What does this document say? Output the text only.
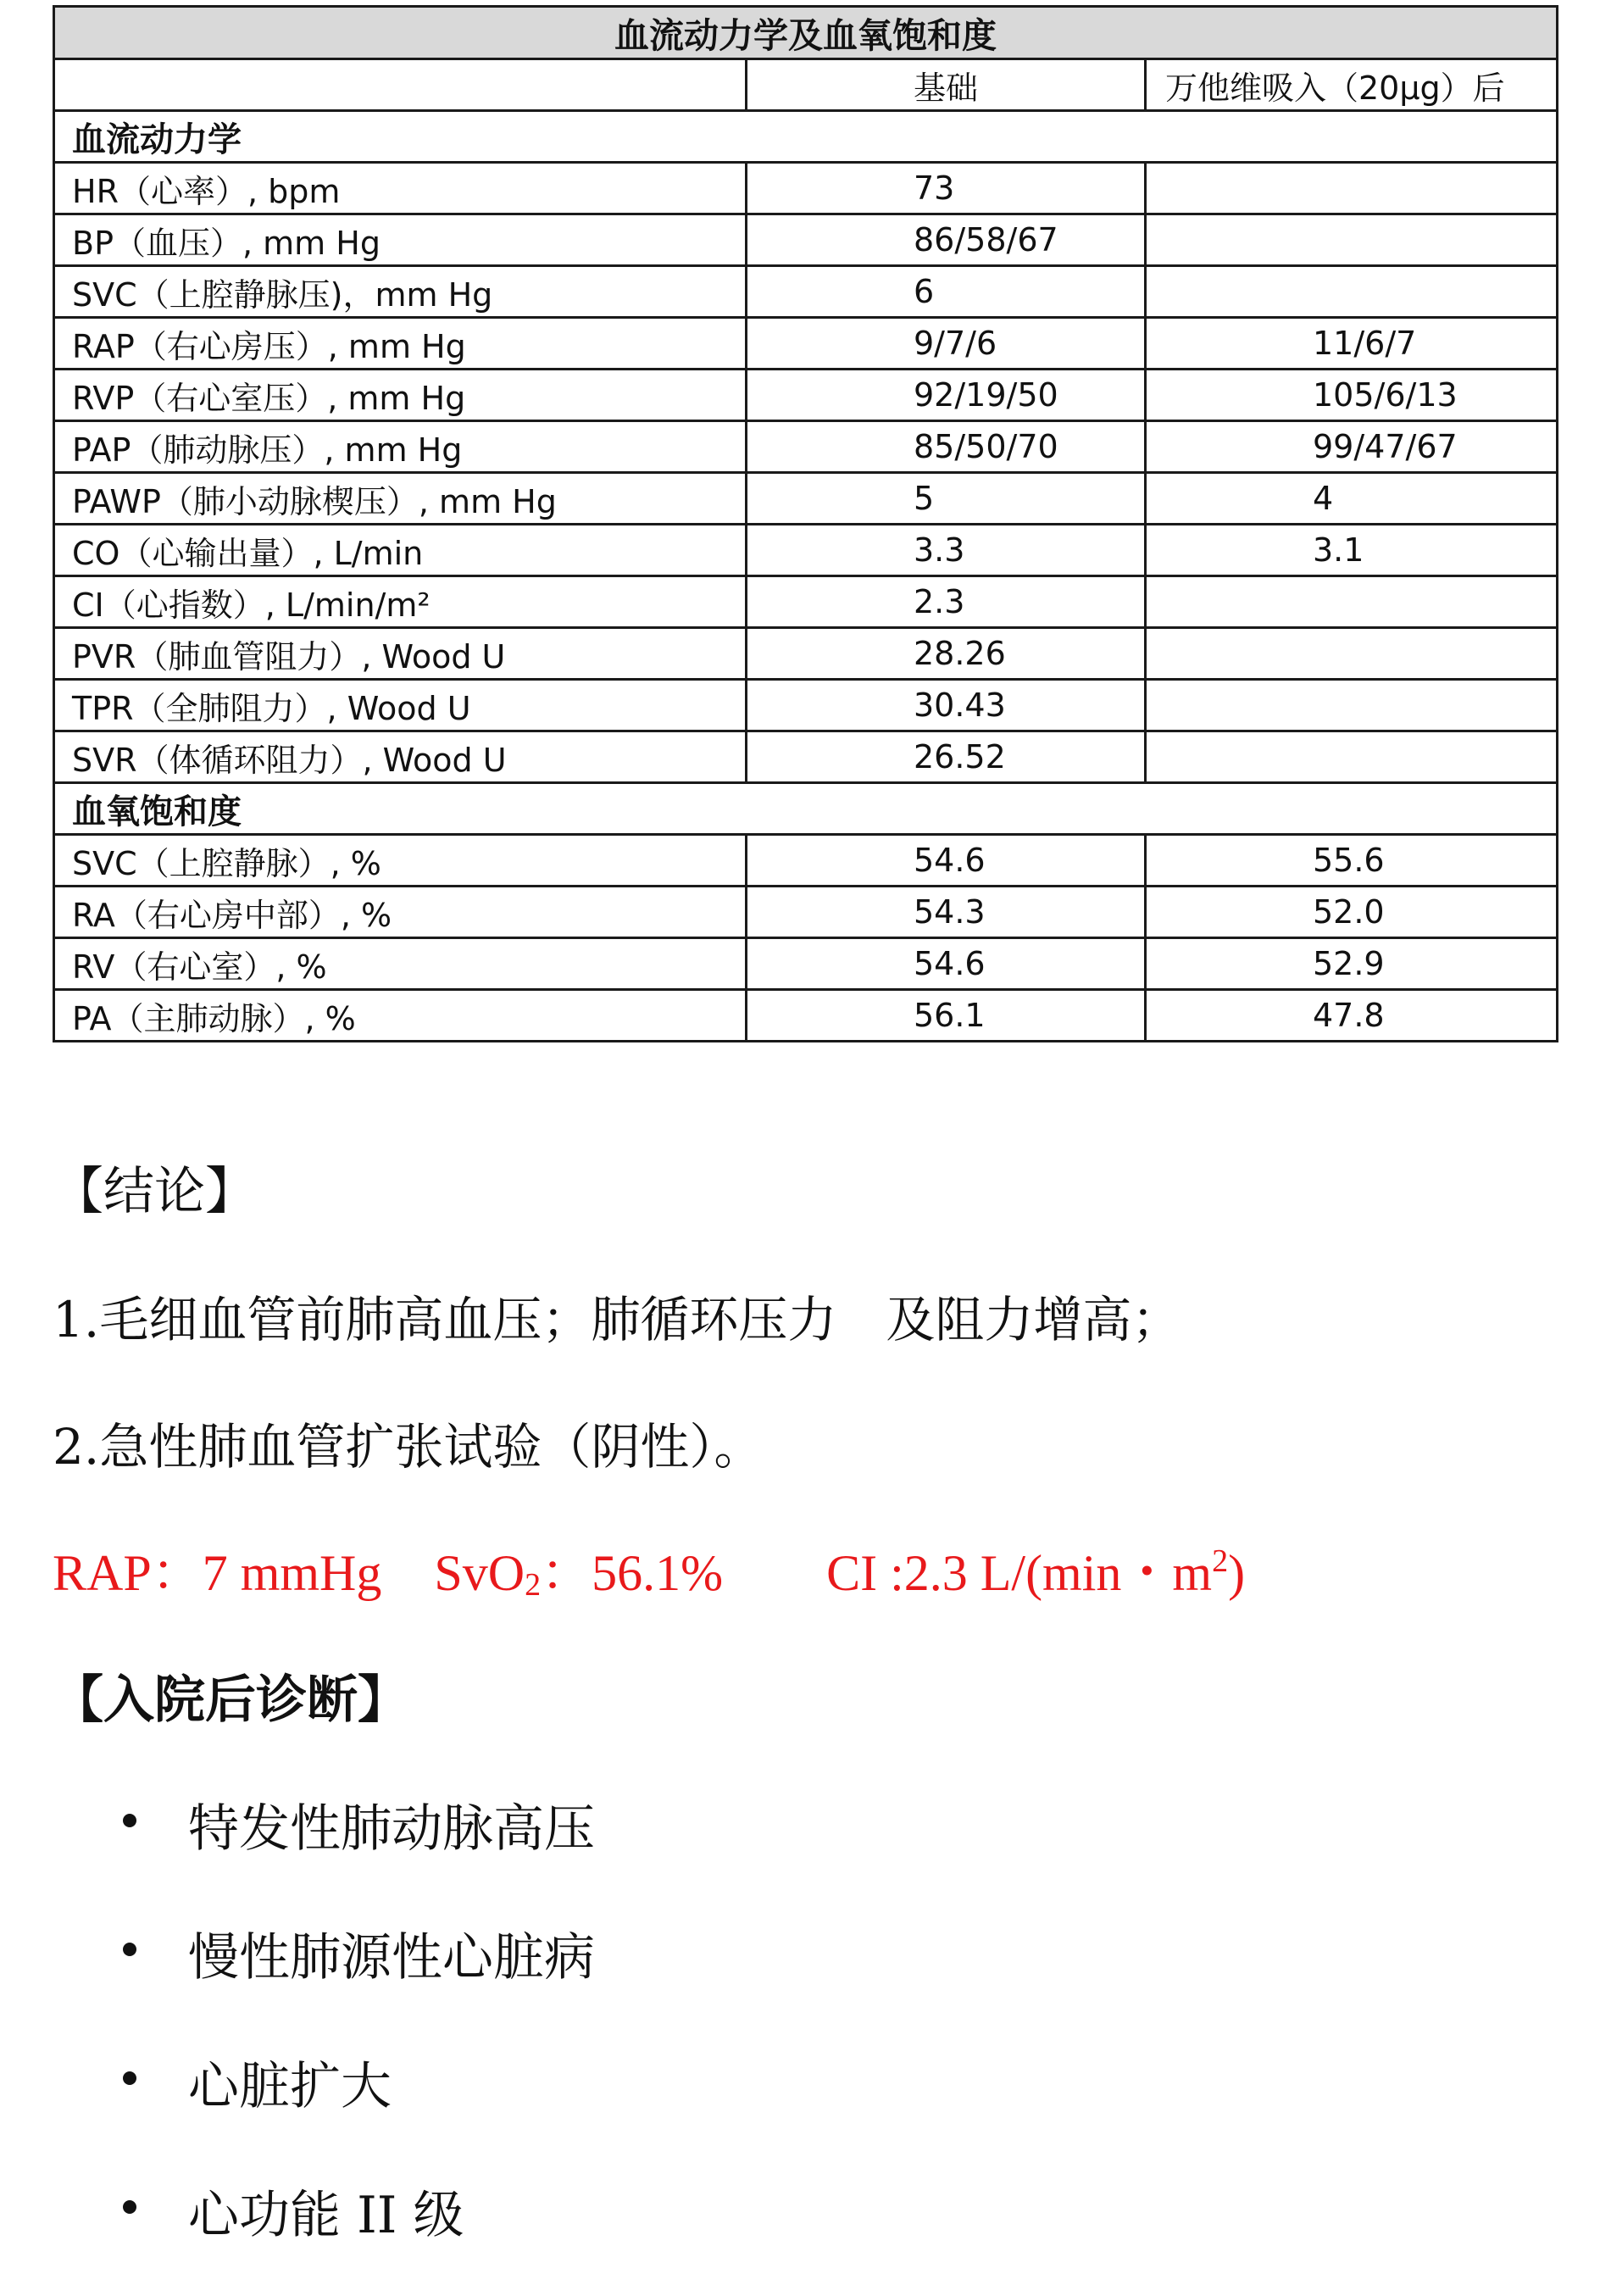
血流动力学及血氧饱和度		
	基础	万他维吸入（20μg）后
血流动力学		
HR（心率）, bpm	73	
BP（血压）, mm Hg	86/58/67	
SVC（上腔静脉压)，mm Hg	6	
RAP（右心房压）, mm Hg	9/7/6	11/6/7
RVP（右心室压）, mm Hg	92/19/50	105/6/13
PAP（肺动脉压）, mm Hg	85/50/70	99/47/67
PAWP（肺小动脉楔压）, mm Hg	5	4
CO（心输出量）, L/min	3.3	3.1
CI（心指数）, L/min/m²	2.3	
PVR（肺血管阻力）, Wood U	28.26	
TPR（全肺阻力）, Wood U	30.43	
SVR（体循环阻力）, Wood U	26.52	
血氧饱和度		
SVC（上腔静脉）, %	54.6	55.6
RA（右心房中部）, %	54.3	52.0
RV（右心室）, %	54.6	52.9
PA（主肺动脉）, %	56.1	47.8
【结论】
1.毛细血管前肺高血压；肺循环压力　及阻力增高；
2.急性肺血管扩张试验（阴性）。
RAP：7 mmHg SvO$_2$：56.1% CI :2.3 L/(min・$m^2$)
【入院后诊断】
特发性肺动脉高压
慢性肺源性心脏病
心脏扩大
心功能 II 级
